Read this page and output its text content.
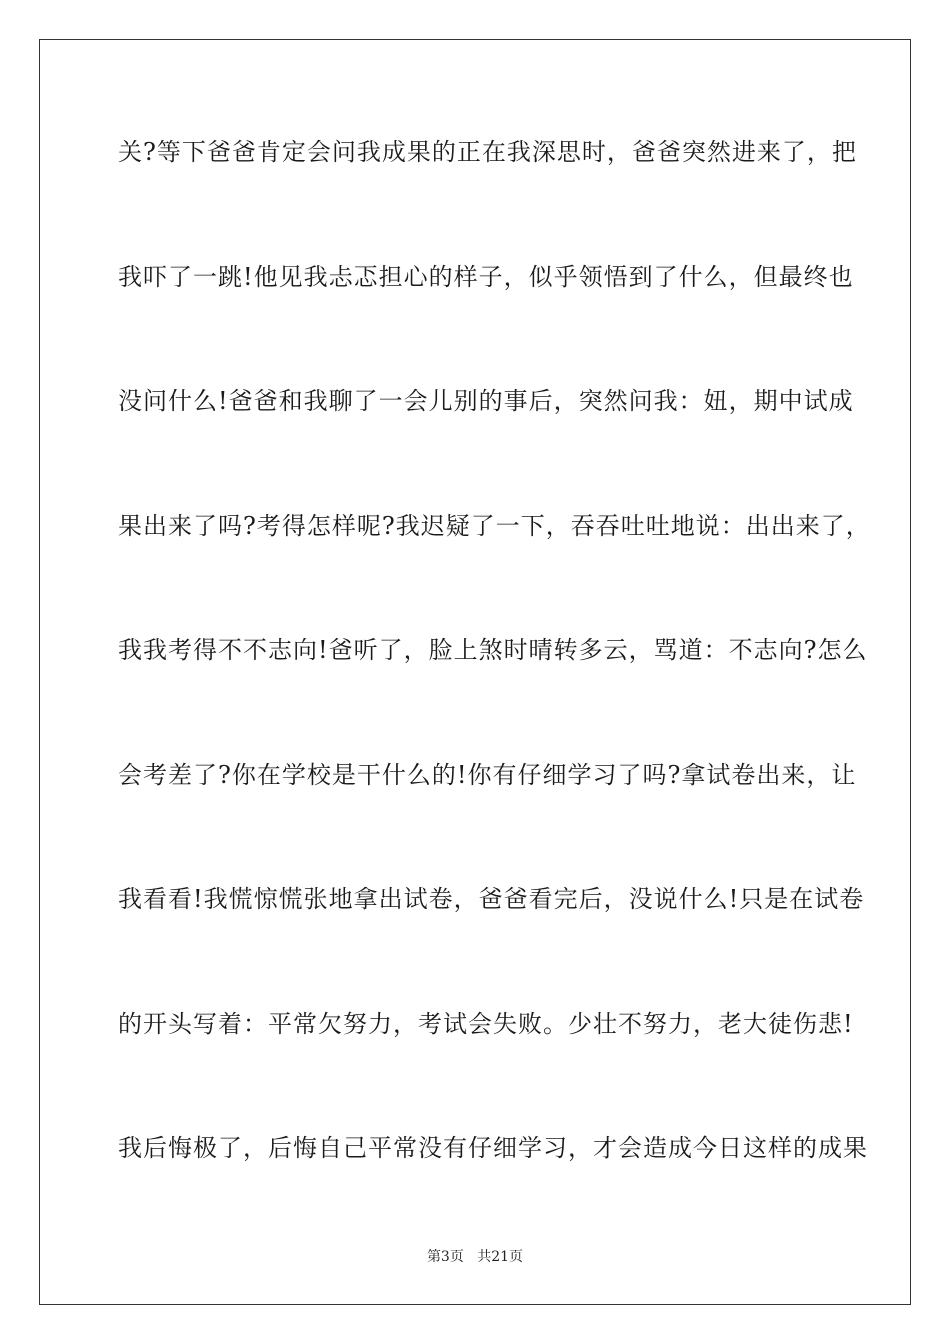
关?等下爸爸肯定会问我成果的正在我深思时，爸爸突然进来了，把
我吓了一跳!他见我忐忑担心的样子，似乎领悟到了什么，但最终也
没问什么!爸爸和我聊了一会儿别的事后，突然问我：妞，期中试成
果出来了吗?考得怎样呢?我迟疑了一下，吞吞吐吐地说：出出来了，
我我考得不不志向!爸听了，脸上煞时晴转多云，骂道：不志向?怎么
会考差了?你在学校是干什么的!你有仔细学习了吗?拿试卷出来，让
我看看!我慌惊慌张地拿出试卷，爸爸看完后，没说什么!只是在试卷
的开头写着：平常欠努力，考试会失败。少壮不努力，老大徒伤悲!
我后悔极了，后悔自己平常没有仔细学习，才会造成今日这样的成果
第3页 共21页
